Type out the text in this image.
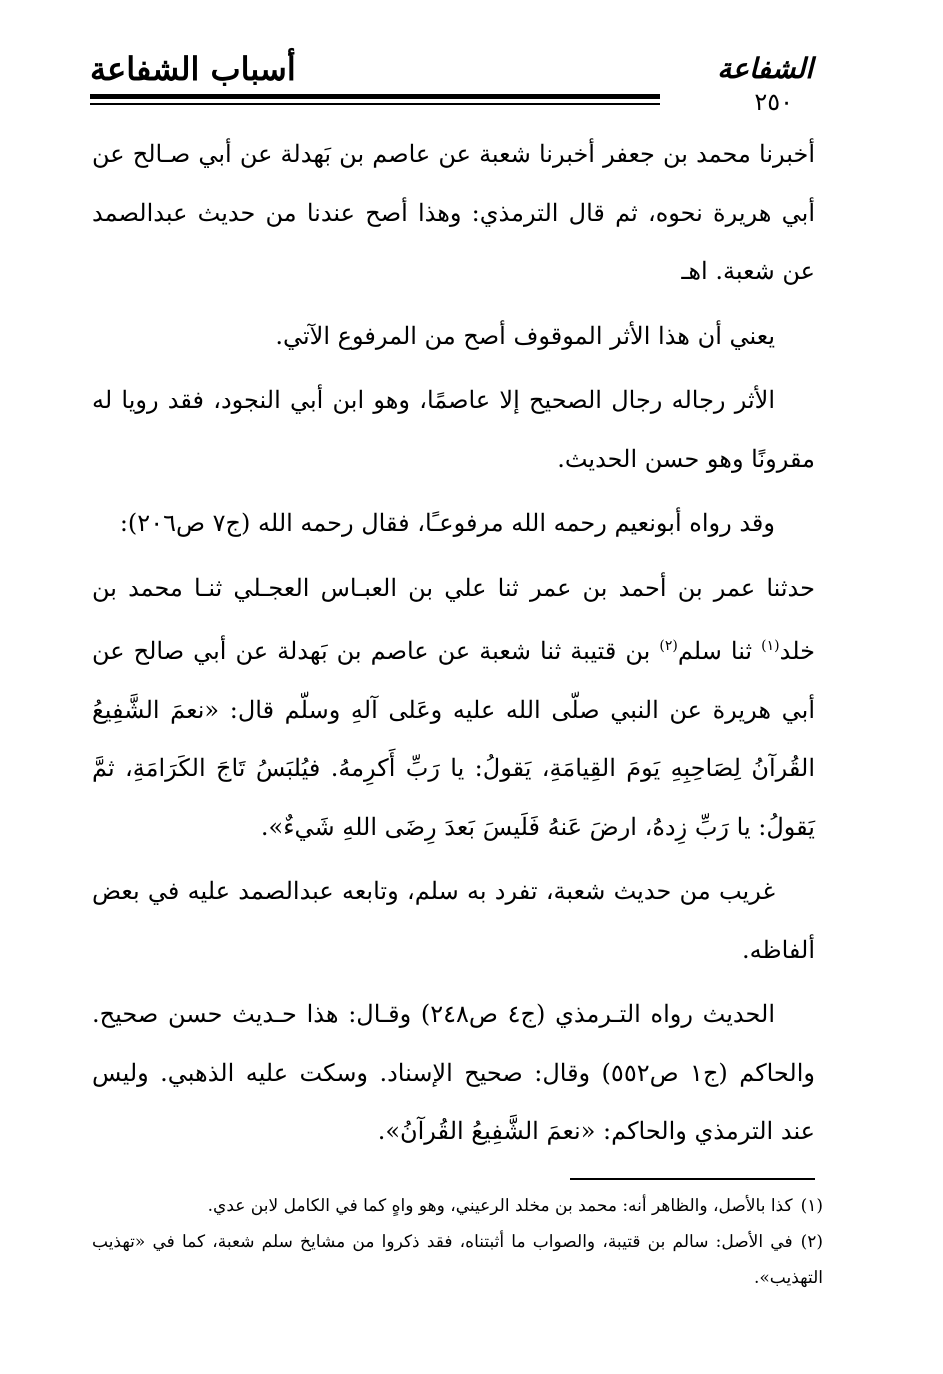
الشفاعة
٢٥٠
أسباب الشفاعة

أخبرنا محمد بن جعفر أخبرنا شعبة عن عاصم بن بَهدلة عن أبي صـالح عن أبي هريرة نحوه، ثم قال الترمذي: وهذا أصح عندنا من حديث عبدالصمد عن شعبة. اهـ

يعني أن هذا الأثر الموقوف أصح من المرفوع الآتي.

الأثر رجاله رجال الصحيح إلا عاصمًا، وهو ابن أبي النجود، فقد رويا له مقرونًا وهو حسن الحديث.

وقد رواه أبونعيم رحمه الله مرفوعـًا، فقال رحمه الله (ج٧ ص٢٠٦):

حدثنا عمر بن أحمد بن عمر ثنا علي بن العبـاس العجـلي ثنـا محمد بن خلد$^{(١)}$ ثنا سلم$^{(٢)}$ بن قتيبة ثنا شعبة عن عاصم بن بَهدلة عن أبي صالح عن أبي هريرة عن النبي صلّى الله عليه وعَلى آلهِ وسلّم قال: «نعمَ الشَّفِيعُ القُرآنُ لِصَاحِبِهِ يَومَ القِيامَةِ، يَقولُ: يا رَبِّ أَكرِمهُ. فيُلبَسُ تَاجَ الكَرَامَةِ، ثمَّ يَقولُ: يا رَبِّ زِدهُ، ارضَ عَنهُ فَلَيسَ بَعدَ رِضَى اللهِ شَيءٌ».

غريب من حديث شعبة، تفرد به سلم، وتابعه عبدالصمد عليه في بعض ألفاظه.

الحديث رواه التـرمذي (ج٤ ص٢٤٨) وقـال: هذا حـديث حسن صحيح. والحاكم (ج١ ص٥٥٢) وقال: صحيح الإسناد. وسكت عليه الذهبي. وليس عند الترمذي والحاكم: «نعمَ الشَّفِيعُ القُرآنُ».

(١)كذا بالأصل، والظاهر أنه: محمد بن مخلد الرعيني، وهو واهٍ كما في الكامل لابن عدي.

(٢)في الأصل: سالم بن قتيبة، والصواب ما أثبتناه، فقد ذكروا من مشايخ سلم شعبة، كما في «تهذيب التهذيب».
